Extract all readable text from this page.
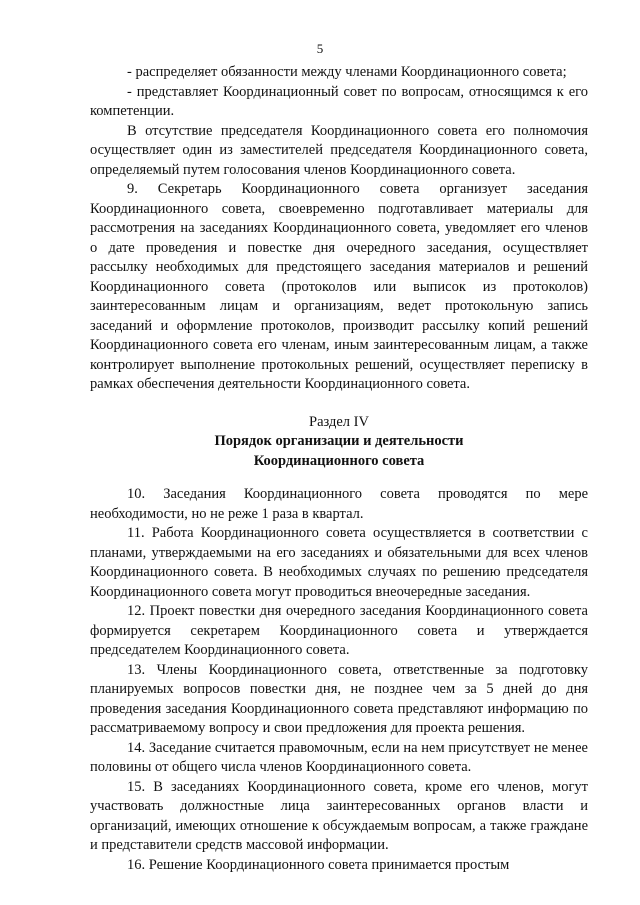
5

- распределяет обязанности между членами Координационного совета;

- представляет Координационный совет по вопросам, относящимся к его компетенции.

В отсутствие председателя Координационного совета его полномочия осуществляет один из заместителей председателя Координационного совета, определяемый путем голосования членов Координационного совета.

9. Секретарь Координационного совета организует заседания Координационного совета, своевременно подготавливает материалы для рассмотрения на заседаниях Координационного совета, уведомляет его членов о дате проведения и повестке дня очередного заседания, осуществляет рассылку необходимых для предстоящего заседания материалов и решений Координационного совета (протоколов или выписок из протоколов) заинтересованным лицам и организациям, ведет протокольную запись заседаний и оформление протоколов, производит рассылку копий решений Координационного совета его членам, иным заинтересованным лицам, а также контролирует выполнение протокольных решений, осуществляет переписку в рамках обеспечения деятельности Координационного совета.

Раздел IV

Порядок организации и деятельности

Координационного совета

10. Заседания Координационного совета проводятся по мере необходимости, но не реже 1 раза в квартал.

11. Работа Координационного совета осуществляется в соответствии с планами, утверждаемыми на его заседаниях и обязательными для всех членов Координационного совета. В необходимых случаях по решению председателя Координационного совета могут проводиться внеочередные заседания.

12. Проект повестки дня очередного заседания Координационного совета формируется секретарем Координационного совета и утверждается председателем Координационного совета.

13. Члены Координационного совета, ответственные за подготовку планируемых вопросов повестки дня, не позднее чем за 5 дней до дня проведения заседания Координационного совета представляют информацию по рассматриваемому вопросу и свои предложения для проекта решения.

14. Заседание считается правомочным, если на нем присутствует не менее половины от общего числа членов Координационного совета.

15. В заседаниях Координационного совета, кроме его членов, могут участвовать должностные лица заинтересованных органов власти и организаций, имеющих отношение к обсуждаемым вопросам, а также граждане и представители средств массовой информации.

16. Решение Координационного совета принимается простым
